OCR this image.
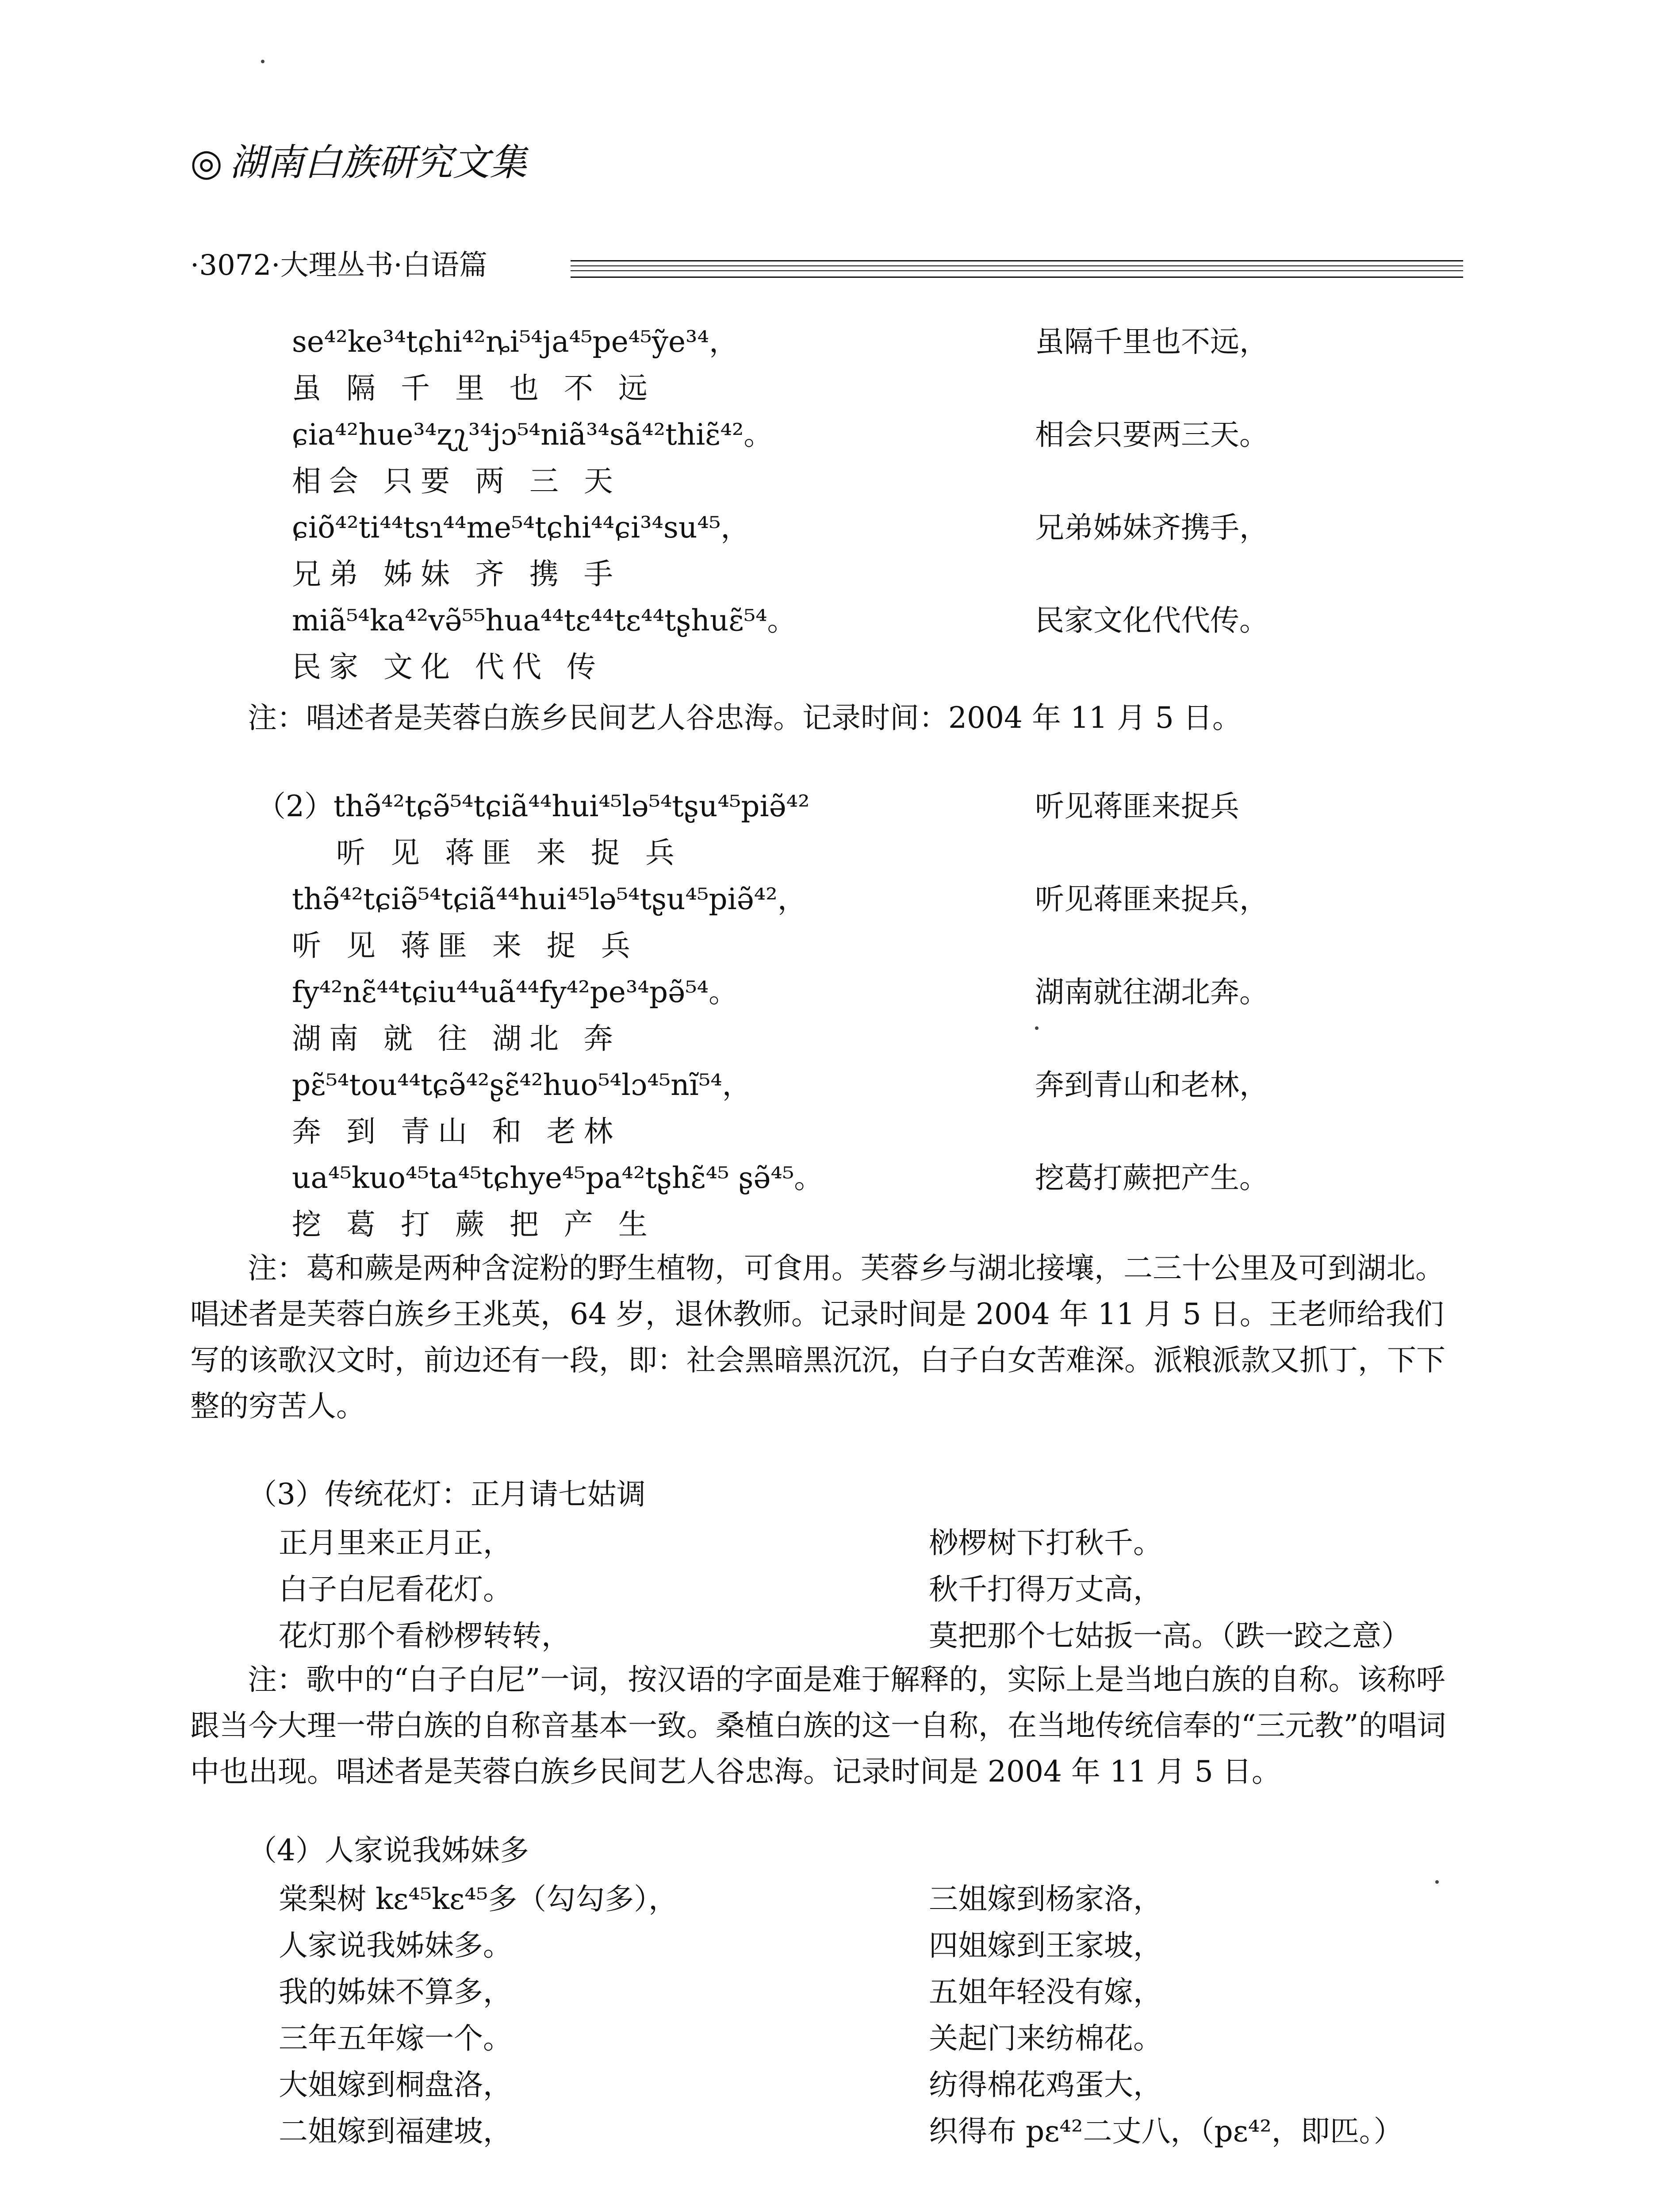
◎ 湖南白族研究文集
·3072·大理丛书·白语篇
se⁴²ke³⁴tɕhi⁴²ȵi⁵⁴ja⁴⁵pe⁴⁵ỹe³⁴，	虽隔千里也不远，
虽 隔 千 里 也 不 远
ɕia⁴²hue³⁴ʐʅ³⁴jɔ⁵⁴niã³⁴sã⁴²thiɛ̃⁴²。	相会只要两三天。
相会 只要 两 三 天
ɕiõ⁴²ti⁴⁴tsɿ⁴⁴me⁵⁴tɕhi⁴⁴ɕi³⁴su⁴⁵，	兄弟姊妹齐携手，
兄弟 姊妹 齐 携 手
miã⁵⁴ka⁴²və̃⁵⁵hua⁴⁴tɛ⁴⁴tɛ⁴⁴tʂhuɛ̃⁵⁴。	民家文化代代传。
民家 文化 代代 传
注：唱述者是芙蓉白族乡民间艺人谷忠海。记录时间：2004 年 11 月 5 日。
（2）thə̃⁴²tɕə̃⁵⁴tɕiã⁴⁴hui⁴⁵lə⁵⁴tʂu⁴⁵piə̃⁴²	听见蒋匪来捉兵
听 见 蒋匪 来 捉 兵
thə̃⁴²tɕiə̃⁵⁴tɕiã⁴⁴hui⁴⁵lə⁵⁴tʂu⁴⁵piə̃⁴²，	听见蒋匪来捉兵，
听 见 蒋匪 来 捉 兵
fy⁴²nɛ̃⁴⁴tɕiu⁴⁴uã⁴⁴fy⁴²pe³⁴pə̃⁵⁴。	湖南就往湖北奔。
湖南 就 往 湖北 奔
pɛ̃⁵⁴tou⁴⁴tɕə̃⁴²ʂɛ̃⁴²huo⁵⁴lɔ⁴⁵nĩ⁵⁴，	奔到青山和老林，
奔 到 青山 和 老林
ua⁴⁵kuo⁴⁵ta⁴⁵tɕhye⁴⁵pa⁴²tʂhɛ̃⁴⁵ ʂə̃⁴⁵。	挖葛打蕨把产生。
挖 葛 打 蕨 把 产 生
注：葛和蕨是两种含淀粉的野生植物，可食用。芙蓉乡与湖北接壤，二三十公里及可到湖北。唱述者是芙蓉白族乡王兆英，64 岁，退休教师。记录时间是 2004 年 11 月 5 日。王老师给我们写的该歌汉文时，前边还有一段，即：社会黑暗黑沉沉，白子白女苦难深。派粮派款又抓丁，下下整的穷苦人。
（3）传统花灯：正月请七姑调
正月里来正月正，	桫椤树下打秋千。
白子白尼看花灯。	秋千打得万丈高，
花灯那个看桫椤转转，	莫把那个七姑扳一高。（跌一跤之意）
注：歌中的“白子白尼”一词，按汉语的字面是难于解释的，实际上是当地白族的自称。该称呼跟当今大理一带白族的自称音基本一致。桑植白族的这一自称，在当地传统信奉的“三元教”的唱词中也出现。唱述者是芙蓉白族乡民间艺人谷忠海。记录时间是 2004 年 11 月 5 日。
（4）人家说我姊妹多
棠梨树 kɛ⁴⁵kɛ⁴⁵多（勾勾多），	三姐嫁到杨家洛，
人家说我姊妹多。	四姐嫁到王家坡，
我的姊妹不算多，	五姐年轻没有嫁，
三年五年嫁一个。	关起门来纺棉花。
大姐嫁到桐盘洛，	纺得棉花鸡蛋大，
二姐嫁到福建坡，	织得布 pɛ⁴²二丈八，（pɛ⁴²，即匹。）
